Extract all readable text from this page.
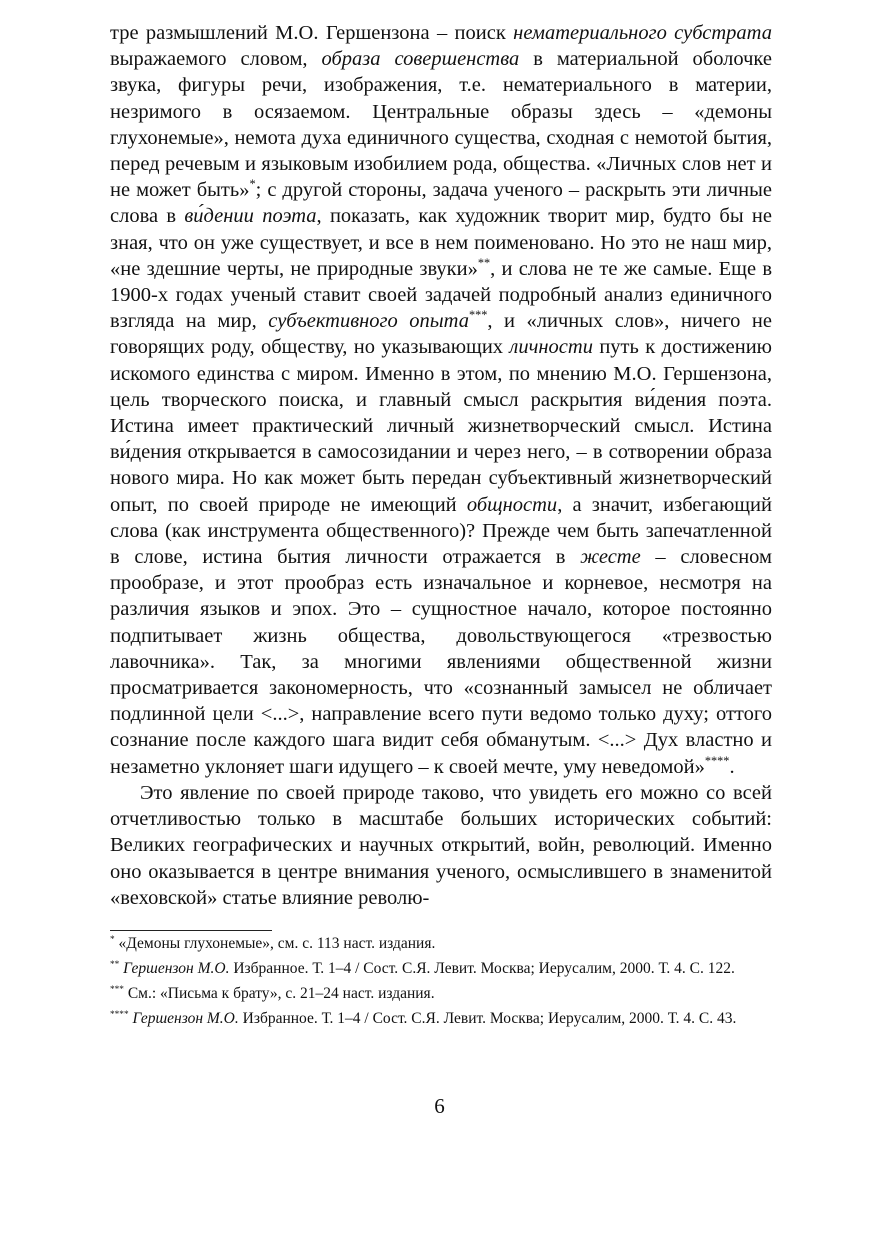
тре размышлений М.О. Гершензона – поиск нематериального субстрата выражаемого словом, образа совершенства в материальной оболочке звука, фигуры речи, изображения, т.е. нематериального в материи, незримого в осязаемом. Центральные образы здесь – «демоны глухонемые», немота духа единичного существа, сходная с немотой бытия, перед речевым и языковым изобилием рода, общества. «Личных слов нет и не может быть»*; с другой стороны, задача ученого – раскрыть эти личные слова в ви́дении поэта, показать, как художник творит мир, будто бы не зная, что он уже существует, и все в нем поименовано. Но это не наш мир, «не здешние черты, не природные звуки»**, и слова не те же самые. Еще в 1900-х годах ученый ставит своей задачей подробный анализ единичного взгляда на мир, субъективного опыта***, и «личных слов», ничего не говорящих роду, обществу, но указывающих личности путь к достижению искомого единства с миром. Именно в этом, по мнению М.О. Гершензона, цель творческого поиска, и главный смысл раскрытия ви́дения поэта. Истина имеет практический личный жизнетворческий смысл. Истина ви́дения открывается в самосозидании и через него, – в сотворении образа нового мира. Но как может быть передан субъективный жизнетворческий опыт, по своей природе не имеющий общности, а значит, избегающий слова (как инструмента общественного)? Прежде чем быть запечатленной в слове, истина бытия личности отражается в жесте – словесном прообразе, и этот прообраз есть изначальное и корневое, несмотря на различия языков и эпох. Это – сущностное начало, которое постоянно подпитывает жизнь общества, довольствующегося «трезвостью лавочника». Так, за многими явлениями общественной жизни просматривается закономерность, что «сознанный замысел не обличает подлинной цели <...>, направление всего пути ведомо только духу; оттого сознание после каждого шага видит себя обманутым. <...> Дух властно и незаметно уклоняет шаги идущего – к своей мечте, уму неведомой»****.

Это явление по своей природе таково, что увидеть его можно со всей отчетливостью только в масштабе больших исторических событий: Великих географических и научных открытий, войн, революций. Именно оно оказывается в центре внимания ученого, осмыслившего в знаменитой «веховской» статье влияние револю-

* «Демоны глухонемые», см. с. 113 наст. издания.

** Гершензон М.О. Избранное. Т. 1–4 / Сост. С.Я. Левит. Москва; Иерусалим, 2000. Т. 4. С. 122.

*** См.: «Письма к брату», с. 21–24 наст. издания.

**** Гершензон М.О. Избранное. Т. 1–4 / Сост. С.Я. Левит. Москва; Иерусалим, 2000. Т. 4. С. 43.

6
